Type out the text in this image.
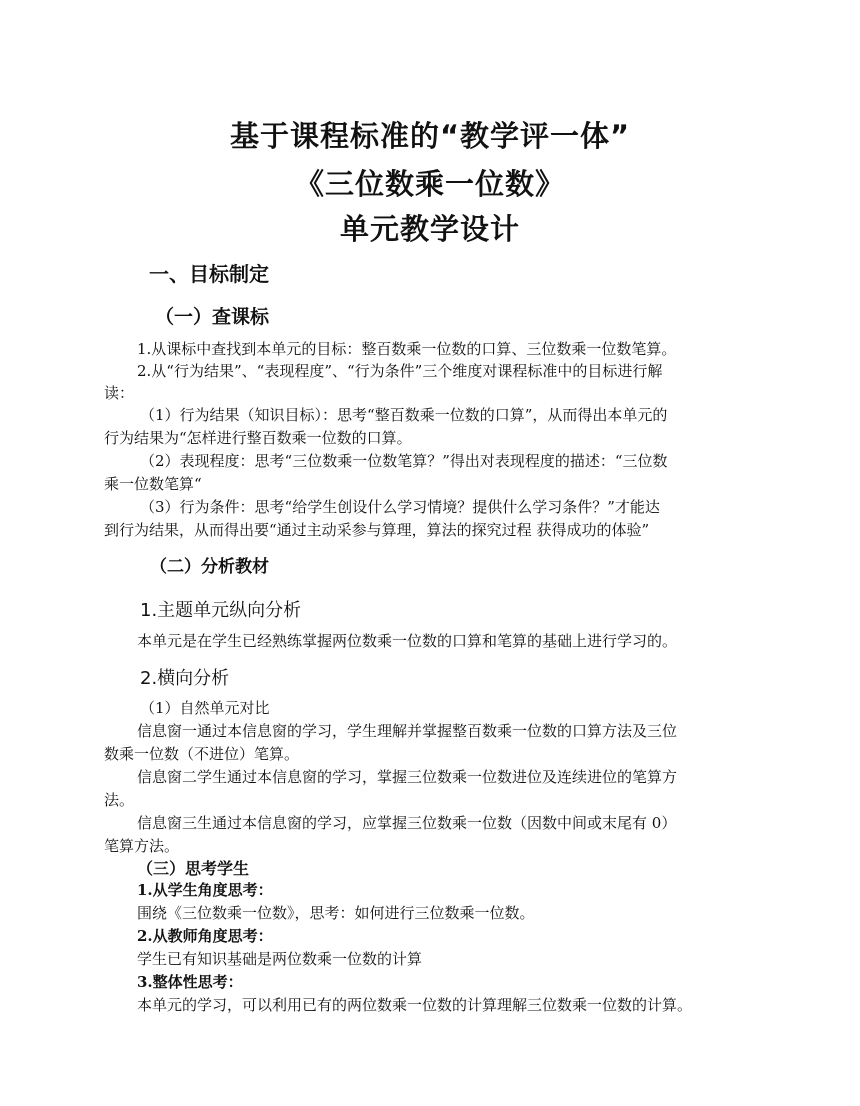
基于课程标准的“教学评一体”
《三位数乘一位数》
单元教学设计
一、目标制定
（一）查课标
1.从课标中查找到本单元的目标：整百数乘一位数的口算、三位数乘一位数笔算。
2.从“行为结果”、“表现程度”、“行为条件”三个维度对课程标准中的目标进行解
读：
（1）行为结果（知识目标）：思考“整百数乘一位数的口算”，从而得出本单元的
行为结果为“怎样进行整百数乘一位数的口算。
（2）表现程度：思考“三位数乘一位数笔算？”得出对表现程度的描述：“三位数
乘一位数笔算“
（3）行为条件：思考“给学生创设什么学习情境？提供什么学习条件？”才能达
到行为结果，从而得出要“通过主动采参与算理，算法的探究过程 获得成功的体验”
（二）分析教材
1.主题单元纵向分析
本单元是在学生已经熟练掌握两位数乘一位数的口算和笔算的基础上进行学习的。
2.横向分析
（1）自然单元对比
信息窗一通过本信息窗的学习，学生理解并掌握整百数乘一位数的口算方法及三位
数乘一位数（不进位）笔算。
信息窗二学生通过本信息窗的学习，掌握三位数乘一位数进位及连续进位的笔算方
法。
信息窗三生通过本信息窗的学习，应掌握三位数乘一位数（因数中间或末尾有 0）
笔算方法。
（三）思考学生
1.从学生角度思考：
围绕《三位数乘一位数》，思考：如何进行三位数乘一位数。
2.从教师角度思考：
学生已有知识基础是两位数乘一位数的计算
3.整体性思考：
本单元的学习，可以利用已有的两位数乘一位数的计算理解三位数乘一位数的计算。
